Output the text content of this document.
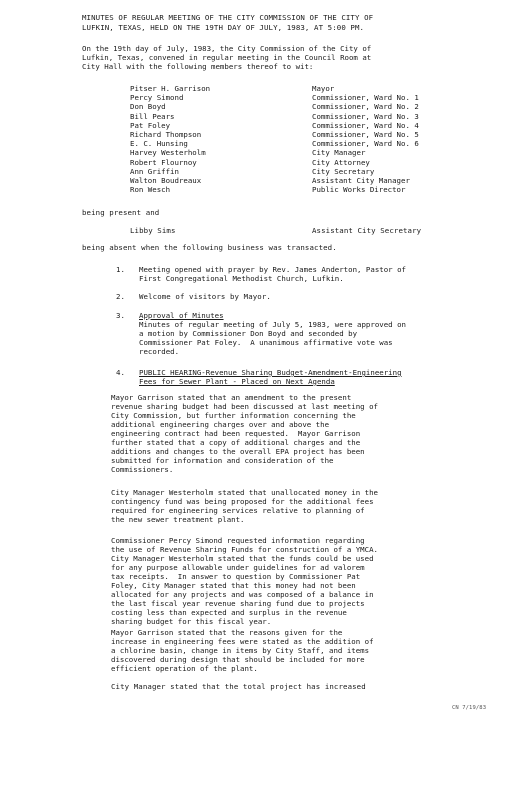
MINUTES OF REGULAR MEETING OF THE CITY COMMISSION OF THE CITY OF
LUFKIN, TEXAS, HELD ON THE 19TH DAY OF JULY, 1983, AT 5:00 PM.
On the 19th day of July, 1983, the City Commission of the City of
Lufkin, Texas, convened in regular meeting in the Council Room at
City Hall with the following members thereof to wit:
Pitser H. Garrison
Percy Simond
Don Boyd
Bill Pears
Pat Foley
Richard Thompson
E. C. Hunsing
Harvey Westerholm
Robert Flournoy
Ann Griffin
Walton Boudreaux
Ron Wesch
Mayor
Commissioner, Ward No. 1
Commissioner, Ward No. 2
Commissioner, Ward No. 3
Commissioner, Ward No. 4
Commissioner, Ward No. 5
Commissioner, Ward No. 6
City Manager
City Attorney
City Secretary
Assistant City Manager
Public Works Director
being present and
Libby Sims	Assistant City Secretary
being absent when the following business was transacted.
1. Meeting opened with prayer by Rev. James Anderton, Pastor of
First Congregational Methodist Church, Lufkin.
2. Welcome of visitors by Mayor.
3. Approval of Minutes
Minutes of regular meeting of July 5, 1983, were approved on
a motion by Commissioner Don Boyd and seconded by
Commissioner Pat Foley.  A unanimous affirmative vote was
recorded.
4. PUBLIC HEARING-Revenue Sharing Budget-Amendment-Engineering
Fees for Sewer Plant - Placed on Next Agenda
Mayor Garrison stated that an amendment to the present
revenue sharing budget had been discussed at last meeting of
City Commission, but further information concerning the
additional engineering charges over and above the
engineering contract had been requested.  Mayor Garrison
further stated that a copy of additional charges and the
additions and changes to the overall EPA project has been
submitted for information and consideration of the
Commissioners.
City Manager Westerholm stated that unallocated money in the
contingency fund was being proposed for the additional fees
required for engineering services relative to planning of
the new sewer treatment plant.
Commissioner Percy Simond requested information regarding
the use of Revenue Sharing Funds for construction of a YMCA.
City Manager Westerholm stated that the funds could be used
for any purpose allowable under guidelines for ad valorem
tax receipts.  In answer to question by Commissioner Pat
Foley, City Manager stated that this money had not been
allocated for any projects and was composed of a balance in
the last fiscal year revenue sharing fund due to projects
costing less than expected and surplus in the revenue
sharing budget for this fiscal year.
Mayor Garrison stated that the reasons given for the
increase in engineering fees were stated as the addition of
a chlorine basin, change in items by City Staff, and items
discovered during design that should be included for more
efficient operation of the plant.
City Manager stated that the total project has increased
CN 7/19/83
